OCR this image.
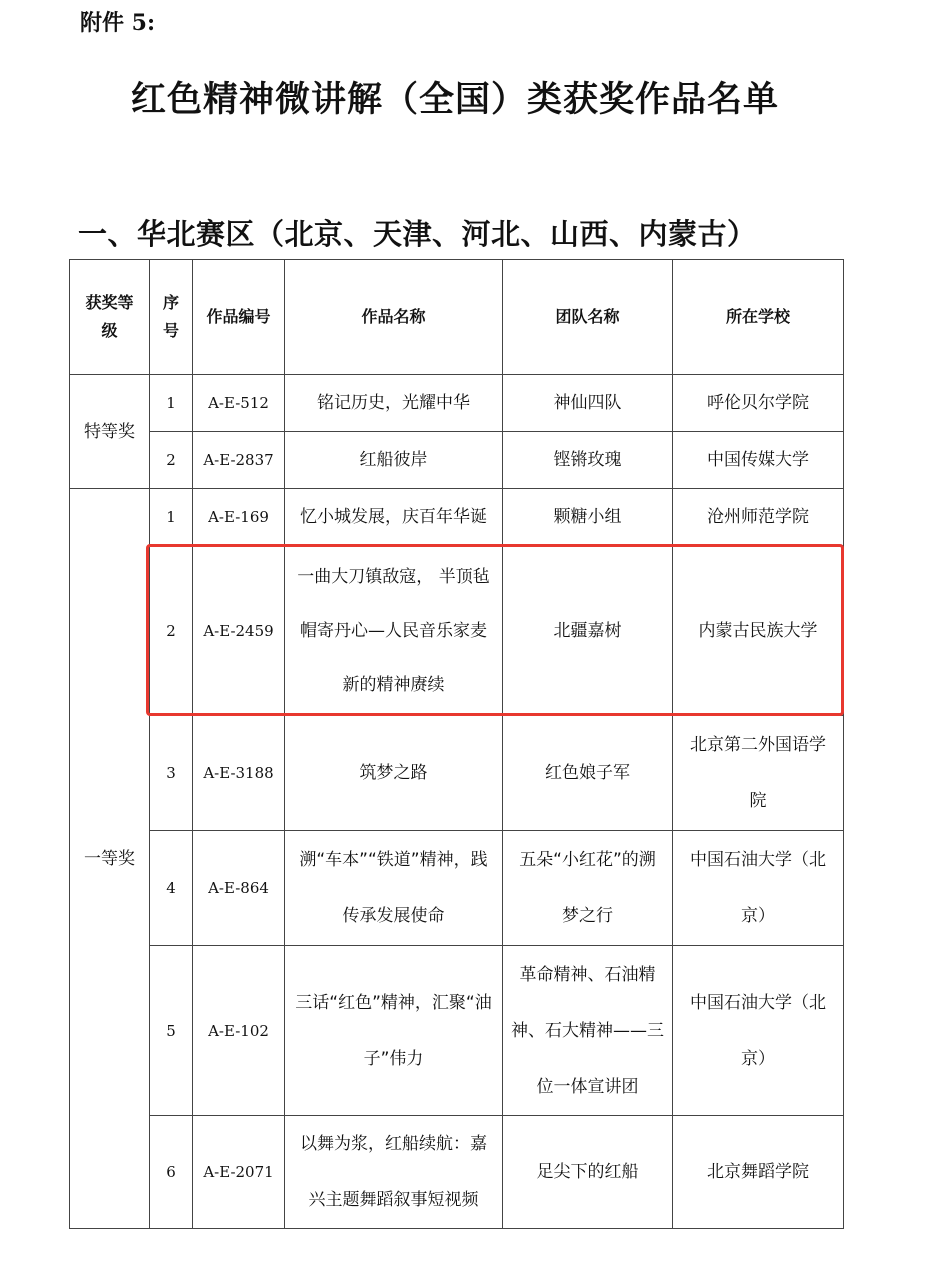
附件 5:
红色精神微讲解（全国）类获奖作品名单
一、华北赛区（北京、天津、河北、山西、内蒙古）
获奖等级	序号	作品编号	作品名称	团队名称	所在学校
特等奖	1	A-E-512	铭记历史，光耀中华	神仙四队	呼伦贝尔学院
	2	A-E-2837	红船彼岸	铿锵玫瑰	中国传媒大学
一等奖	1	A-E-169	忆小城发展，庆百年华诞	颗糖小组	沧州师范学院
	2	A-E-2459	一曲大刀镇敌寇， 半顶毡帽寄丹心—人民音乐家麦新的精神赓续	北疆嘉树	内蒙古民族大学
	3	A-E-3188	筑梦之路	红色娘子军	北京第二外国语学院
	4	A-E-864	溯“车本”“铁道”精神，践传承发展使命	五朵“小红花”的溯梦之行	中国石油大学（北京）
	5	A-E-102	三话“红色”精神，汇聚“油子”伟力	革命精神、石油精神、石大精神——三位一体宣讲团	中国石油大学（北京）
	6	A-E-2071	以舞为浆，红船续航：嘉兴主题舞蹈叙事短视频	足尖下的红船	北京舞蹈学院
